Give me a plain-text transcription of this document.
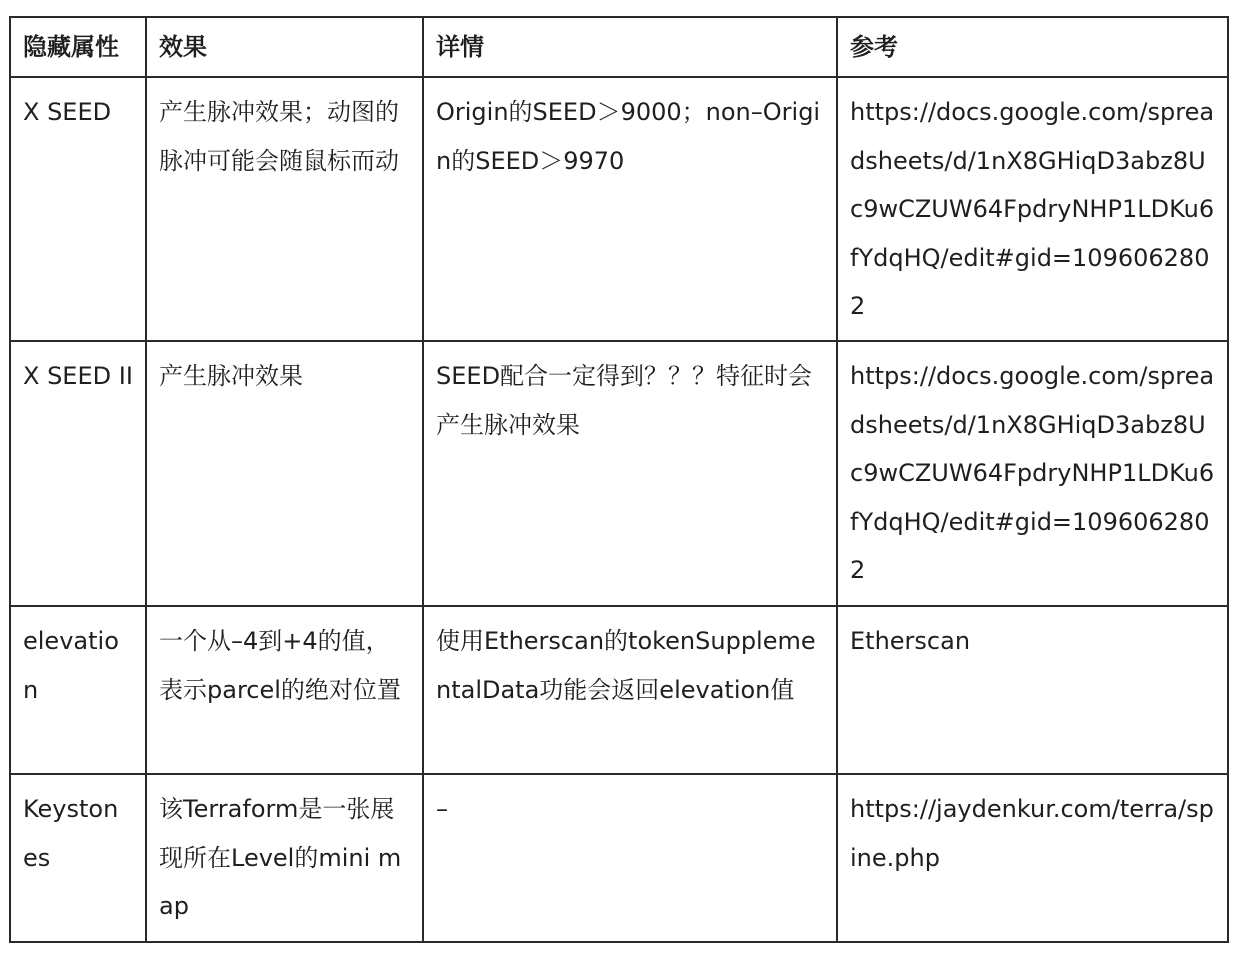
隐藏属性	效果	详情	参考
X SEED	产生脉冲效果；动图的脉冲可能会随鼠标而动	Origin的SEED＞9000；non–Origin的SEED＞9970	https://docs.google.com/spreadsheets/d/1nX8GHiqD3abz8Uc9wCZUW64FpdryNHP1LDKu6fYdqHQ/edit#gid=1096062802
X SEED II	产生脉冲效果	SEED配合一定得到？？？特征时会产生脉冲效果	https://docs.google.com/spreadsheets/d/1nX8GHiqD3abz8Uc9wCZUW64FpdryNHP1LDKu6fYdqHQ/edit#gid=1096062802
elevation	一个从–4到+4的值，表示parcel的绝对位置	使用Etherscan的tokenSupplementalData功能会返回elevation值	Etherscan
Keystones	该Terraform是一张展现所在Level的mini map	–	https://jaydenkur.com/terra/spine.php
